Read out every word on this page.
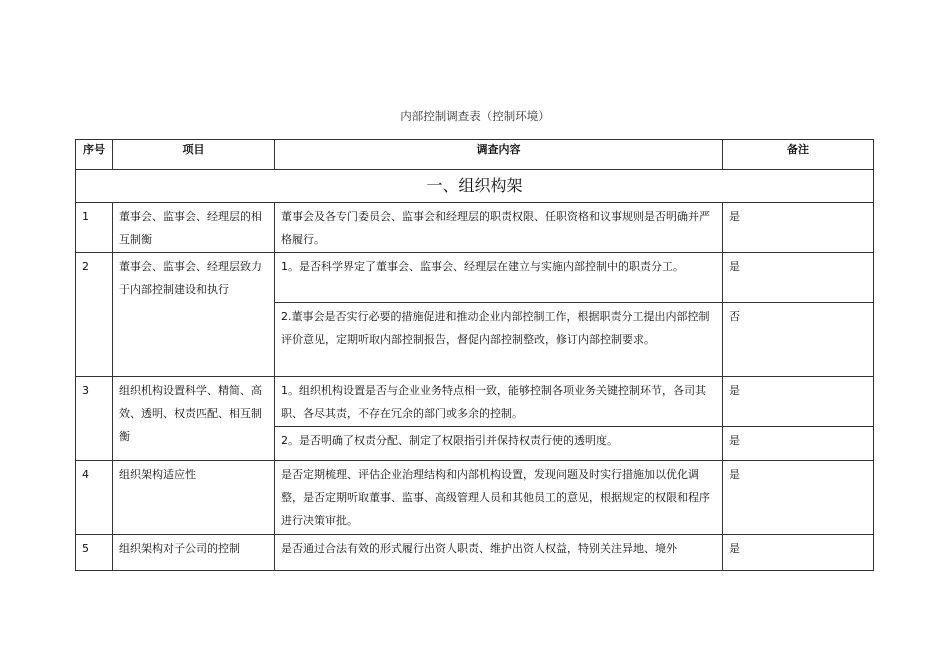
内部控制调查表（控制环境）
序号	项目	调查内容	备注
一、组织构架			
1	董事会、监事会、经理层的相互制衡	董事会及各专门委员会、监事会和经理层的职责权限、任职资格和议事规则是否明确并严格履行。	是
2	董事会、监事会、经理层致力于内部控制建设和执行	1。是否科学界定了董事会、监事会、经理层在建立与实施内部控制中的职责分工。	是
		2.董事会是否实行必要的措施促进和推动企业内部控制工作，根据职责分工提出内部控制评价意见，定期听取内部控制报告，督促内部控制整改，修订内部控制要求。	否
3	组织机构设置科学、精简、高效、透明、权责匹配、相互制衡	1。组织机构设置是否与企业业务特点相一致，能够控制各项业务关键控制环节，各司其职、各尽其责，不存在冗余的部门或多余的控制。	是
		2。是否明确了权责分配、制定了权限指引并保持权责行使的透明度。	是
4	组织架构适应性	是否定期梳理、评估企业治理结构和内部机构设置，发现问题及时实行措施加以优化调整，是否定期听取董事、监事、高级管理人员和其他员工的意见，根据规定的权限和程序进行决策审批。	是
5	组织架构对子公司的控制	是否通过合法有效的形式履行出资人职责、维护出资人权益，特别关注异地、境外	是
